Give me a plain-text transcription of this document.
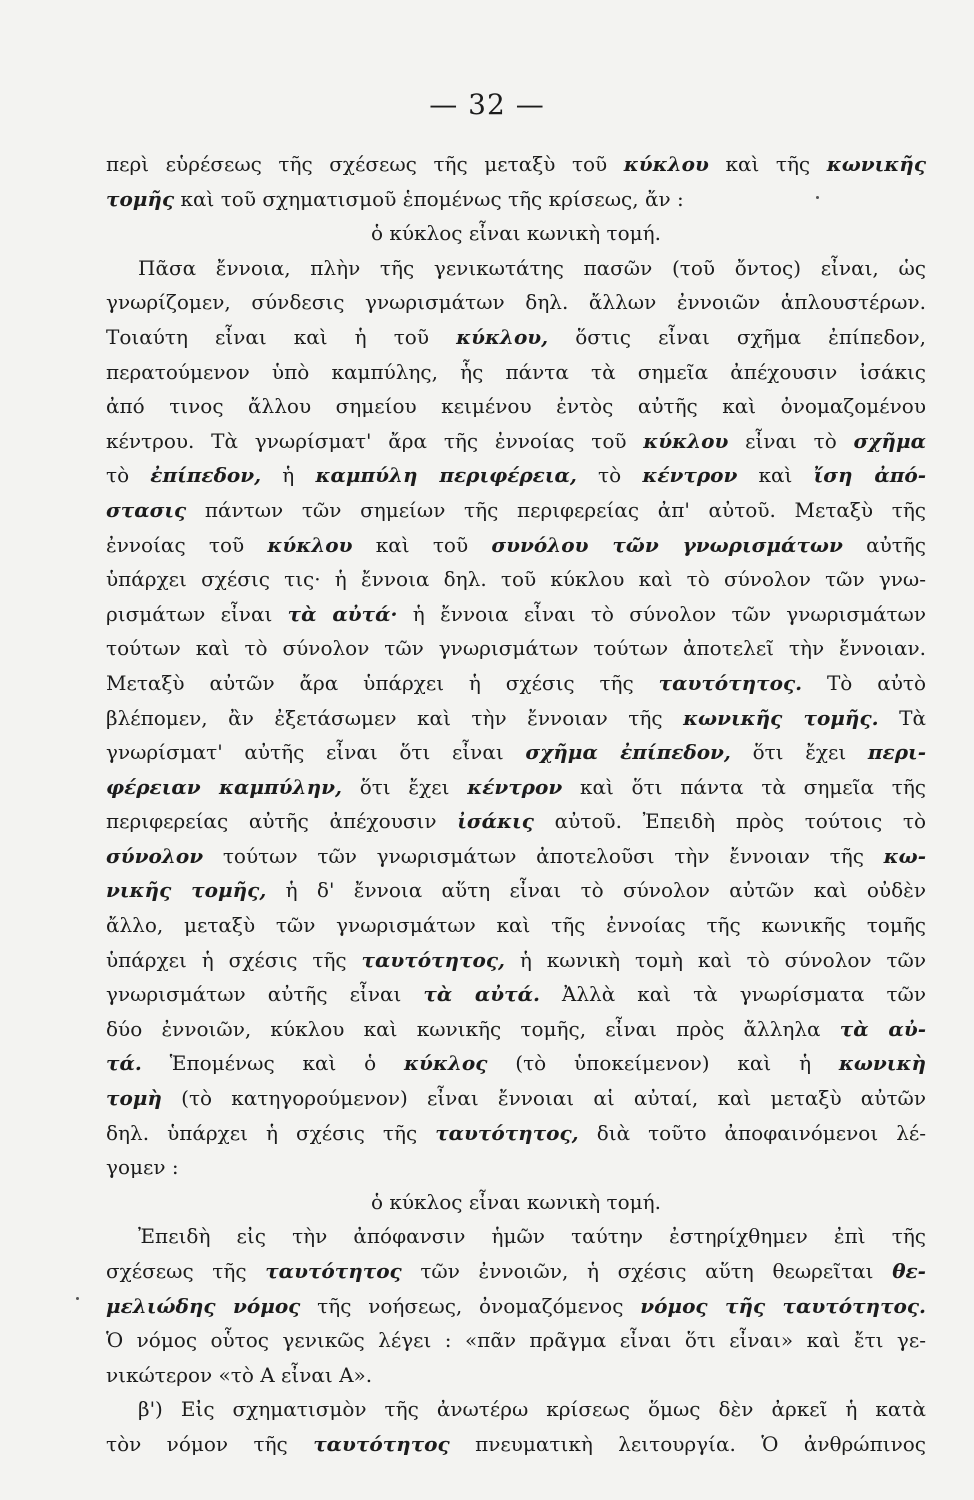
— 32 —
περὶ εὑρέσεως τῆς σχέσεως τῆς μεταξὺ τοῦ κύκλου καὶ τῆς κωνικῆς
τομῆς καὶ τοῦ σχηματισμοῦ ἑπομένως τῆς κρίσεως, ἄν :
ὁ κύκλος εἶναι κωνικὴ τομή.
Πᾶσα ἔννοια, πλὴν τῆς γενικωτάτης πασῶν (τοῦ ὄντος) εἶναι, ὡς
γνωρίζομεν, σύνδεσις γνωρισμάτων δηλ. ἄλλων ἐννοιῶν ἁπλουστέρων.
Τοιαύτη εἶναι καὶ ἡ τοῦ κύκλου, ὅστις εἶναι σχῆμα ἐπίπεδον,
περατούμενον ὑπὸ καμπύλης, ἧς πάντα τὰ σημεῖα ἀπέχουσιν ἰσάκις
ἀπό τινος ἄλλου σημείου κειμένου ἐντὸς αὐτῆς καὶ ὀνομαζομένου
κέντρου. Τὰ γνωρίσματ' ἄρα τῆς ἐννοίας τοῦ κύκλου εἶναι τὸ σχῆμα
τὸ ἐπίπεδον, ἡ καμπύλη περιφέρεια, τὸ κέντρον καὶ ἴση ἀπό-
στασις πάντων τῶν σημείων τῆς περιφερείας ἀπ' αὐτοῦ. Μεταξὺ τῆς
ἐννοίας τοῦ κύκλου καὶ τοῦ συνόλου τῶν γνωρισμάτων αὐτῆς
ὑπάρχει σχέσις τις· ἡ ἔννοια δηλ. τοῦ κύκλου καὶ τὸ σύνολον τῶν γνω-
ρισμάτων εἶναι τὰ αὐτά· ἡ ἔννοια εἶναι τὸ σύνολον τῶν γνωρισμάτων
τούτων καὶ τὸ σύνολον τῶν γνωρισμάτων τούτων ἀποτελεῖ τὴν ἔννοιαν.
Μεταξὺ αὐτῶν ἄρα ὑπάρχει ἡ σχέσις τῆς ταυτότητος. Τὸ αὐτὸ
βλέπομεν, ἂν ἐξετάσωμεν καὶ τὴν ἔννοιαν τῆς κωνικῆς τομῆς. Τὰ
γνωρίσματ' αὐτῆς εἶναι ὅτι εἶναι σχῆμα ἐπίπεδον, ὅτι ἔχει περι-
φέρειαν καμπύλην, ὅτι ἔχει κέντρον καὶ ὅτι πάντα τὰ σημεῖα τῆς
περιφερείας αὐτῆς ἀπέχουσιν ἰσάκις αὐτοῦ. Ἐπειδὴ πρὸς τούτοις τὸ
σύνολον τούτων τῶν γνωρισμάτων ἀποτελοῦσι τὴν ἔννοιαν τῆς κω-
νικῆς τομῆς, ἡ δ' ἔννοια αὕτη εἶναι τὸ σύνολον αὐτῶν καὶ οὐδὲν
ἄλλο, μεταξὺ τῶν γνωρισμάτων καὶ τῆς ἐννοίας τῆς κωνικῆς τομῆς
ὑπάρχει ἡ σχέσις τῆς ταυτότητος, ἡ κωνικὴ τομὴ καὶ τὸ σύνολον τῶν
γνωρισμάτων αὐτῆς εἶναι τὰ αὐτά. Ἀλλὰ καὶ τὰ γνωρίσματα τῶν
δύο ἐννοιῶν, κύκλου καὶ κωνικῆς τομῆς, εἶναι πρὸς ἄλληλα τὰ αὐ-
τά. Ἑπομένως καὶ ὁ κύκλος (τὸ ὑποκείμενον) καὶ ἡ κωνικὴ
τομὴ (τὸ κατηγορούμενον) εἶναι ἔννοιαι αἱ αὐταί, καὶ μεταξὺ αὐτῶν
δηλ. ὑπάρχει ἡ σχέσις τῆς ταυτότητος, διὰ τοῦτο ἀποφαινόμενοι λέ-
γομεν :
ὁ κύκλος εἶναι κωνικὴ τομή.
Ἐπειδὴ εἰς τὴν ἀπόφανσιν ἡμῶν ταύτην ἐστηρίχθημεν ἐπὶ τῆς
σχέσεως τῆς ταυτότητος τῶν ἐννοιῶν, ἡ σχέσις αὕτη θεωρεῖται θε-
μελιώδης νόμος τῆς νοήσεως, ὀνομαζόμενος νόμος τῆς ταυτότητος.
Ὁ νόμος οὗτος γενικῶς λέγει : «πᾶν πρᾶγμα εἶναι ὅτι εἶναι» καὶ ἔτι γε-
νικώτερον «τὸ Α εἶναι Α».
β') Εἰς σχηματισμὸν τῆς ἀνωτέρω κρίσεως ὅμως δὲν ἀρκεῖ ἡ κατὰ
τὸν νόμον τῆς ταυτότητος πνευματικὴ λειτουργία. Ὁ ἀνθρώπινος
